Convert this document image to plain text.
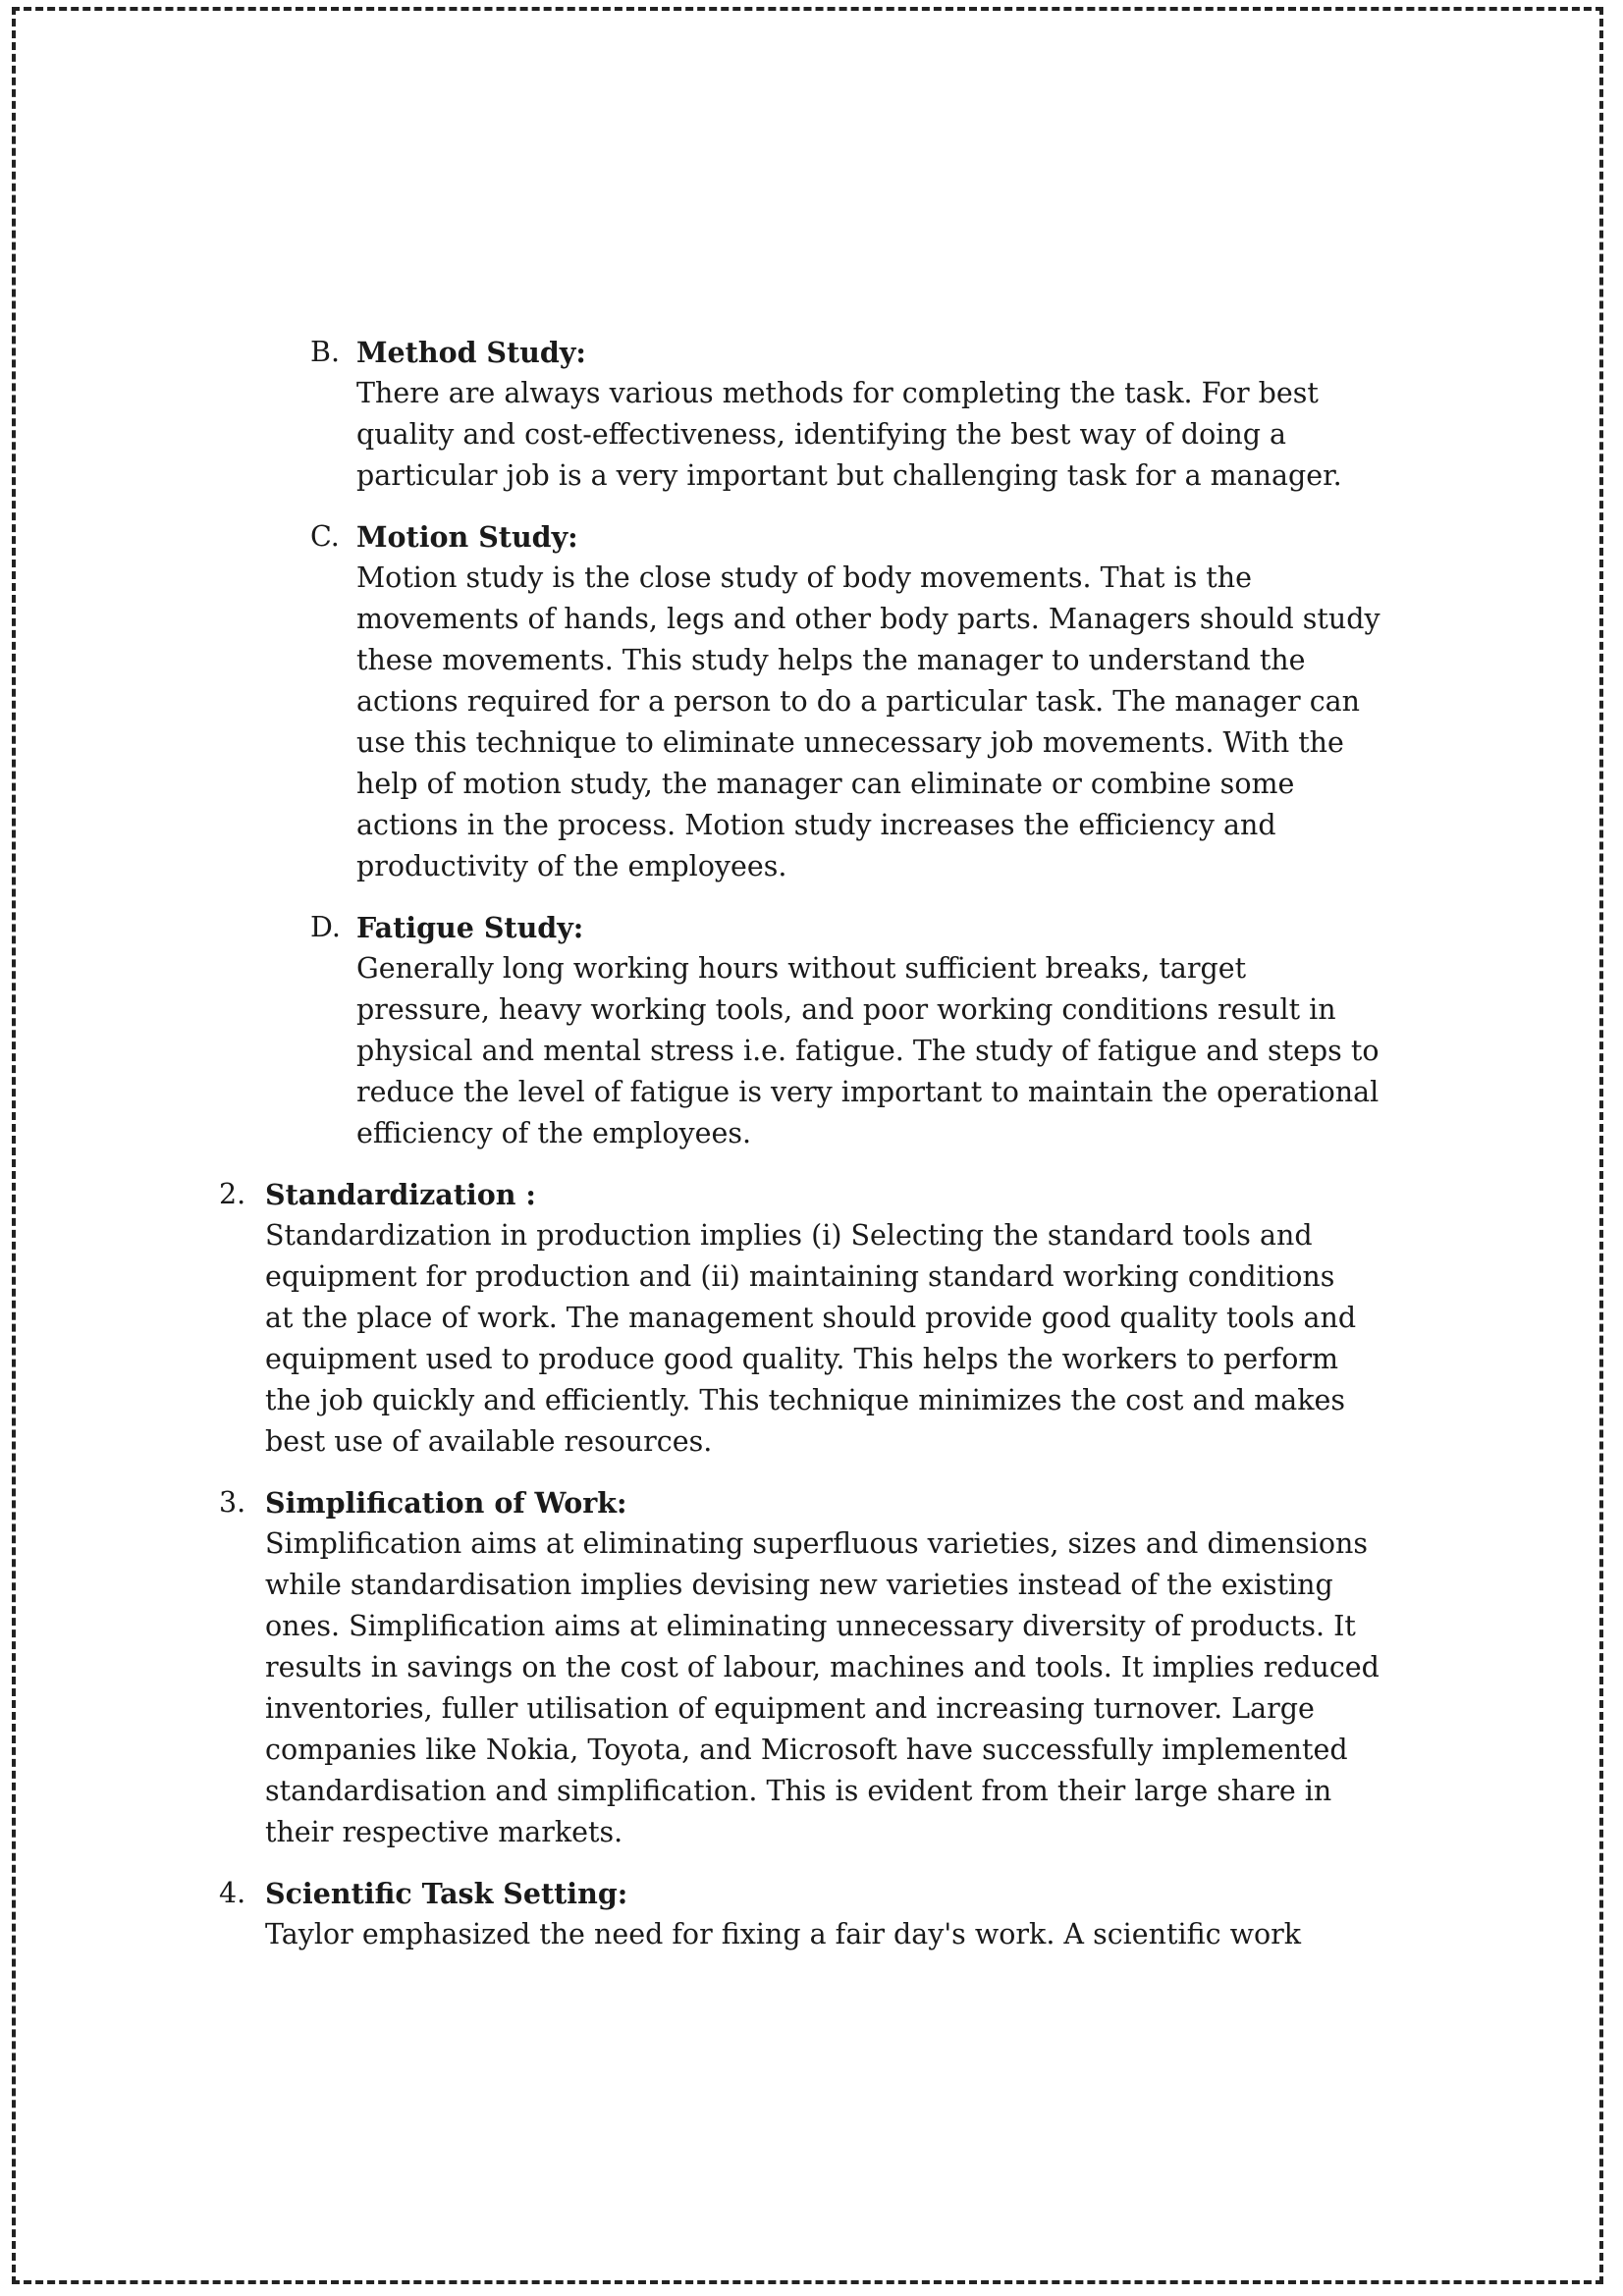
B. Method Study:
There are always various methods for completing the task. For best
quality and cost-effectiveness, identifying the best way of doing a
particular job is a very important but challenging task for a manager.
C. Motion Study:
Motion study is the close study of body movements. That is the
movements of hands, legs and other body parts. Managers should study
these movements. This study helps the manager to understand the
actions required for a person to do a particular task. The manager can
use this technique to eliminate unnecessary job movements. With the
help of motion study, the manager can eliminate or combine some
actions in the process. Motion study increases the efficiency and
productivity of the employees.
D. Fatigue Study:
Generally long working hours without sufficient breaks, target
pressure, heavy working tools, and poor working conditions result in
physical and mental stress i.e. fatigue. The study of fatigue and steps to
reduce the level of fatigue is very important to maintain the operational
efficiency of the employees.
2. Standardization :
Standardization in production implies (i) Selecting the standard tools and
equipment for production and (ii) maintaining standard working conditions
at the place of work. The management should provide good quality tools and
equipment used to produce good quality. This helps the workers to perform
the job quickly and efficiently. This technique minimizes the cost and makes
best use of available resources.
3. Simplification of Work:
Simplification aims at eliminating superfluous varieties, sizes and dimensions
while standardisation implies devising new varieties instead of the existing
ones. Simplification aims at eliminating unnecessary diversity of products. It
results in savings on the cost of labour, machines and tools. It implies reduced
inventories, fuller utilisation of equipment and increasing turnover. Large
companies like Nokia, Toyota, and Microsoft have successfully implemented
standardisation and simplification. This is evident from their large share in
their respective markets.
4. Scientific Task Setting:
Taylor emphasized the need for fixing a fair day's work. A scientific work
